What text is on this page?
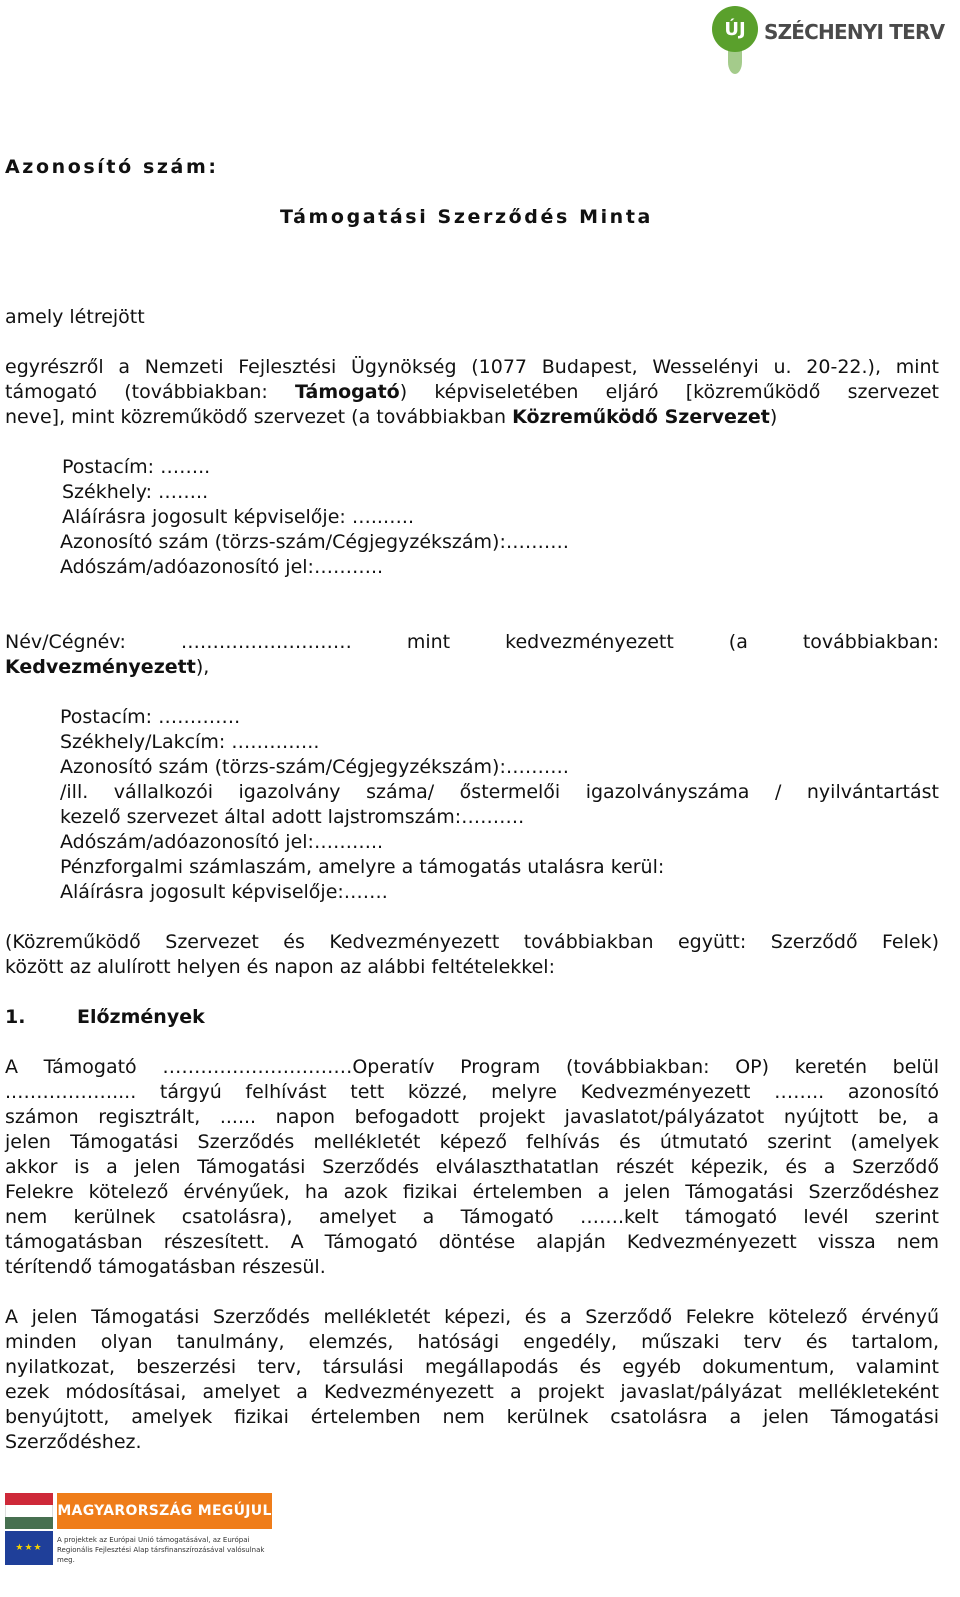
ÚJ SZÉCHENYI TERV
Azonosító szám:
Támogatási Szerződés Minta
amely létrejött
egyrészről a Nemzeti Fejlesztési Ügynökség (1077 Budapest, Wesselényi u. 20-22.), mint
támogató (továbbiakban: Támogató) képviseletében eljáró [közreműködő szervezet
neve], mint közreműködő szervezet (a továbbiakban Közreműködő Szervezet)
Postacím: ……..
Székhely: ……..
Aláírásra jogosult képviselője: …..…..
Azonosító szám (törzs-szám/Cégjegyzékszám):……….
Adószám/adóazonosító jel:………..
Név/Cégnév: ……………………… mint kedvezményezett (a továbbiakban:
Kedvezményezett),
Postacím: ………….
Székhely/Lakcím: …………..
Azonosító szám (törzs-szám/Cégjegyzékszám):……….
/ill. vállalkozói igazolvány száma/ őstermelői igazolványszáma / nyilvántartást
kezelő szervezet által adott lajstromszám:……….
Adószám/adóazonosító jel:………..
Pénzforgalmi számlaszám, amelyre a támogatás utalásra kerül:
Aláírásra jogosult képviselője:…….
(Közreműködő Szervezet és Kedvezményezett továbbiakban együtt: Szerződő Felek)
között az alulírott helyen és napon az alábbi feltételekkel:
1.	Előzmények
A Támogató …………………………Operatív Program (továbbiakban: OP) keretén belül
..…………….... tárgyú felhívást tett közzé, melyre Kedvezményezett …….. azonosító
számon regisztrált, ...... napon befogadott projekt javaslatot/pályázatot nyújtott be, a
jelen Támogatási Szerződés mellékletét képező felhívás és útmutató szerint (amelyek
akkor is a jelen Támogatási Szerződés elválaszthatatlan részét képezik, és a Szerződő
Felekre kötelező érvényűek, ha azok fizikai értelemben a jelen Támogatási Szerződéshez
nem kerülnek csatolásra), amelyet a Támogató …….kelt támogató levél szerint
támogatásban részesített. A Támogató döntése alapján Kedvezményezett vissza nem
térítendő támogatásban részesül.
A jelen Támogatási Szerződés mellékletét képezi, és a Szerződő Felekre kötelező érvényű
minden olyan tanulmány, elemzés, hatósági engedély, műszaki terv és tartalom,
nyilatkozat, beszerzési terv, társulási megállapodás és egyéb dokumentum, valamint
ezek módosításai, amelyet a Kedvezményezett a projekt javaslat/pályázat mellékleteként
benyújtott, amelyek fizikai értelemben nem kerülnek csatolásra a jelen Támogatási
Szerződéshez.
★★★
MAGYARORSZÁG MEGÚJUL
A projektek az Európai Unió támogatásával, az Európai Regionális Fejlesztési Alap társfinanszírozásával valósulnak meg.
